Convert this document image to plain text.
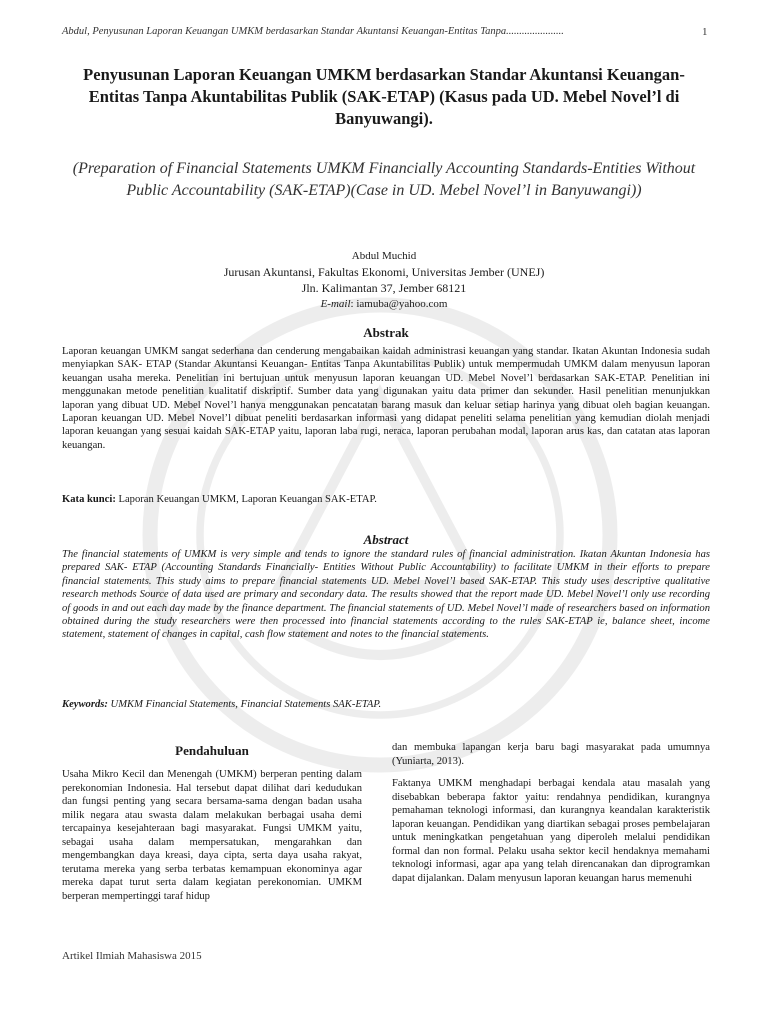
Abdul, Penyusunan Laporan Keuangan UMKM berdasarkan Standar Akuntansi Keuangan-Entitas Tanpa......................	1
Penyusunan Laporan Keuangan UMKM berdasarkan Standar Akuntansi Keuangan-Entitas Tanpa Akuntabilitas Publik (SAK-ETAP) (Kasus pada UD. Mebel Novel’l di Banyuwangi).
(Preparation of Financial Statements UMKM Financially Accounting Standards-Entities Without Public Accountability (SAK-ETAP)(Case in UD. Mebel Novel’l in Banyuwangi))
Abdul Muchid
Jurusan Akuntansi, Fakultas Ekonomi, Universitas Jember (UNEJ)
Jln. Kalimantan 37, Jember 68121
E-mail: iamuba@yahoo.com
Abstrak
Laporan keuangan UMKM sangat sederhana dan cenderung mengabaikan kaidah administrasi keuangan yang standar. Ikatan Akuntan Indonesia sudah menyiapkan SAK- ETAP (Standar Akuntansi Keuangan- Entitas Tanpa Akuntabilitas Publik) untuk mempermudah UMKM dalam menyusun laporan keuangan usaha mereka. Penelitian ini bertujuan untuk menyusun laporan keuangan UD. Mebel Novel’l berdasarkan SAK-ETAP. Penelitian ini menggunakan metode penelitian kualitatif diskriptif. Sumber data yang digunakan yaitu data primer dan sekunder. Hasil penelitian menunjukkan laporan yang dibuat UD. Mebel Novel’l hanya menggunakan pencatatan barang masuk dan keluar setiap harinya yang dibuat oleh bagian keuangan. Laporan keuangan UD. Mebel Novel’l dibuat peneliti berdasarkan informasi yang didapat peneliti selama penelitian yang kemudian diolah menjadi laporan keuangan yang sesuai kaidah SAK-ETAP yaitu, laporan laba rugi, neraca, laporan perubahan modal, laporan arus kas, dan catatan atas laporan keuangan.
Kata kunci: Laporan Keuangan UMKM, Laporan Keuangan SAK-ETAP.
Abstract
The financial statements of UMKM is very simple and tends to ignore the standard rules of financial administration. Ikatan Akuntan Indonesia has prepared SAK- ETAP (Accounting Standards Financially- Entities Without Public Accountability) to facilitate UMKM in their efforts to prepare financial statements. This study aims to prepare financial statements UD. Mebel Novel’l based SAK-ETAP. This study uses descriptive qualitative research methods Source of data used are primary and secondary data. The results showed that the report made UD. Mebel Novel’l only use recording of goods in and out each day made by the finance department. The financial statements of UD. Mebel Novel’l made of researchers based on information obtained during the study researchers were then processed into financial statements according to the rules SAK-ETAP ie, balance sheet, income statement, statement of changes in capital, cash flow statement and notes to the financial statements.
Keywords: UMKM Financial Statements, Financial Statements SAK-ETAP.
Pendahuluan

Usaha Mikro Kecil dan Menengah (UMKM) berperan penting dalam perekonomian Indonesia. Hal tersebut dapat dilihat dari kedudukan dan fungsi penting yang secara bersama-sama dengan badan usaha milik negara atau swasta dalam melakukan berbagai usaha demi tercapainya kesejahteraan bagi masyarakat. Fungsi UMKM yaitu, sebagai usaha dalam mempersatukan, mengarahkan dan mengembangkan daya kreasi, daya cipta, serta daya usaha rakyat, terutama mereka yang serba terbatas kemampuan ekonominya agar mereka dapat turut serta dalam kegiatan perekonomian. UMKM berperan mempertinggi taraf hidup

dan membuka lapangan kerja baru bagi masyarakat pada umumnya (Yuniarta, 2013).

Faktanya UMKM menghadapi berbagai kendala atau masalah yang disebabkan beberapa faktor yaitu: rendahnya pendidikan, kurangnya pemahaman teknologi informasi, dan kurangnya keandalan karakteristik laporan keuangan. Pendidikan yang diartikan sebagai proses pembelajaran untuk meningkatkan pengetahuan yang diperoleh melalui pendidikan formal dan non formal. Pelaku usaha sektor kecil hendaknya memahami teknologi informasi, agar apa yang telah direncanakan dan diprogramkan dapat dijalankan. Dalam menyusun laporan keuangan harus memenuhi

Artikel Ilmiah Mahasiswa 2015
